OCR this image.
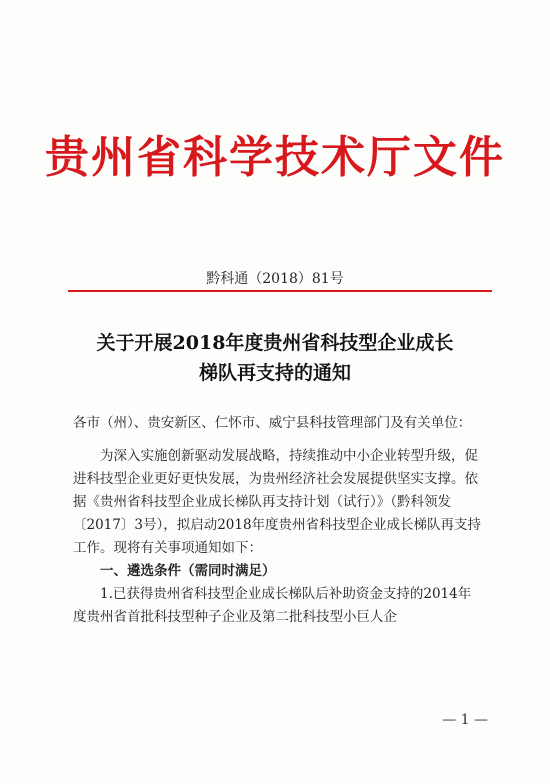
贵州省科学技术厅文件
黔科通（2018）81号
关于开展2018年度贵州省科技型企业成长
梯队再支持的通知

各市（州）、贵安新区、仁怀市、威宁县科技管理部门及有关单位：

为深入实施创新驱动发展战略，持续推动中小企业转型升级，促进科技型企业更好更快发展，为贵州经济社会发展提供坚实支撑。依据《贵州省科技型企业成长梯队再支持计划（试行）》（黔科领发〔2017〕3号），拟启动2018年度贵州省科技型企业成长梯队再支持工作。现将有关事项通知如下：

一、遴选条件（需同时满足）

1.已获得贵州省科技型企业成长梯队后补助资金支持的2014年度贵州省首批科技型种子企业及第二批科技型小巨人企

— 1 —
